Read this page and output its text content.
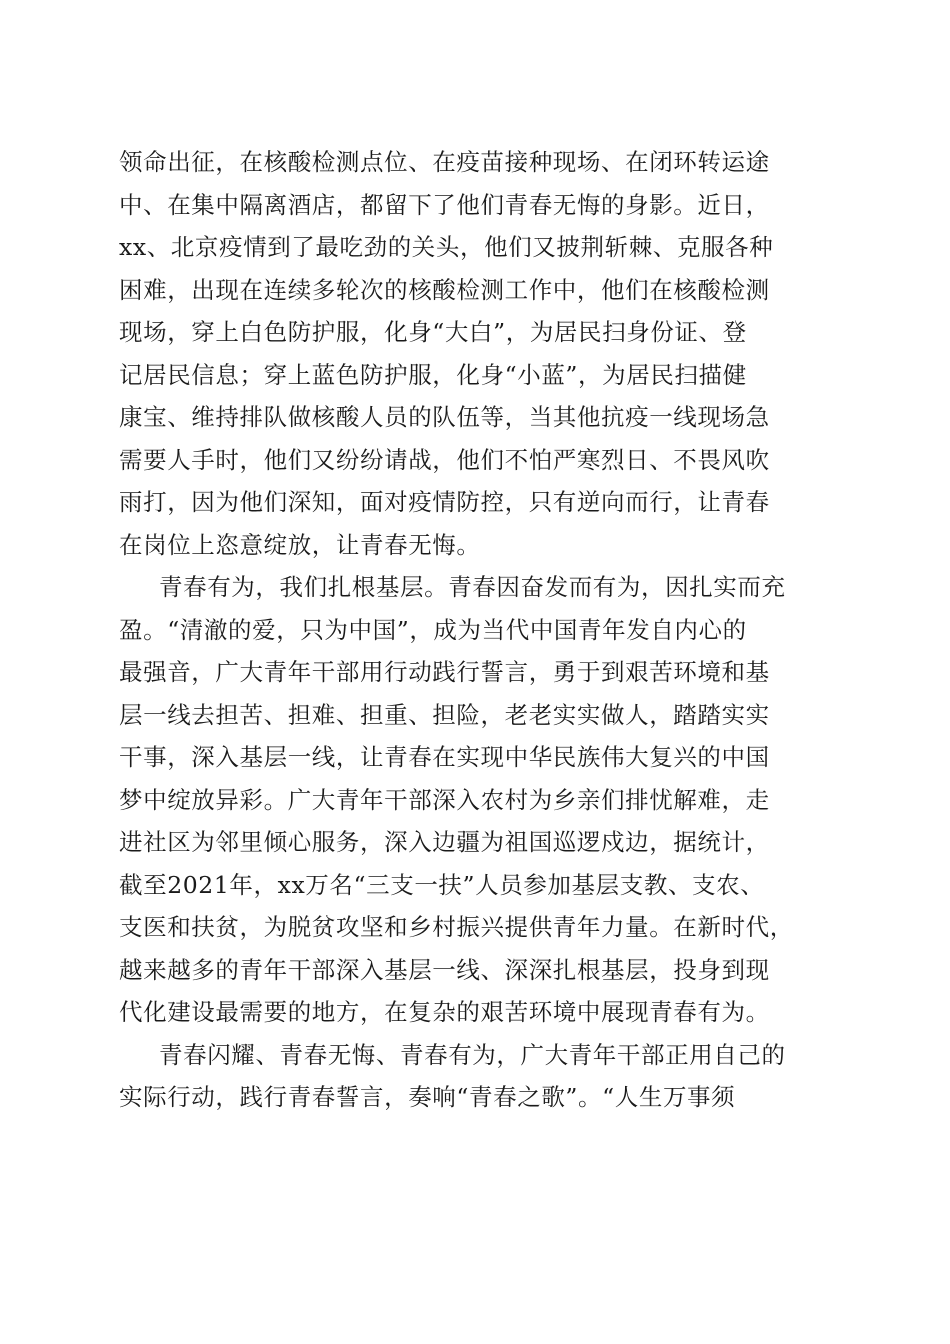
领命出征，在核酸检测点位、在疫苗接种现场、在闭环转运途
中、在集中隔离酒店，都留下了他们青春无悔的身影。近日，
xx、北京疫情到了最吃劲的关头，他们又披荆斩棘、克服各种
困难，出现在连续多轮次的核酸检测工作中，他们在核酸检测
现场，穿上白色防护服，化身“大白”，为居民扫身份证、登
记居民信息；穿上蓝色防护服，化身“小蓝”，为居民扫描健
康宝、维持排队做核酸人员的队伍等，当其他抗疫一线现场急
需要人手时，他们又纷纷请战，他们不怕严寒烈日、不畏风吹
雨打，因为他们深知，面对疫情防控，只有逆向而行，让青春
在岗位上恣意绽放，让青春无悔。
青春有为，我们扎根基层。青春因奋发而有为，因扎实而充
盈。“清澈的爱，只为中国”，成为当代中国青年发自内心的
最强音，广大青年干部用行动践行誓言，勇于到艰苦环境和基
层一线去担苦、担难、担重、担险，老老实实做人，踏踏实实
干事，深入基层一线，让青春在实现中华民族伟大复兴的中国
梦中绽放异彩。广大青年干部深入农村为乡亲们排忧解难，走
进社区为邻里倾心服务，深入边疆为祖国巡逻戍边，据统计，
截至2021年，xx万名“三支一扶”人员参加基层支教、支农、
支医和扶贫，为脱贫攻坚和乡村振兴提供青年力量。在新时代，
越来越多的青年干部深入基层一线、深深扎根基层，投身到现
代化建设最需要的地方，在复杂的艰苦环境中展现青春有为。
青春闪耀、青春无悔、青春有为，广大青年干部正用自己的
实际行动，践行青春誓言，奏响“青春之歌”。“人生万事须
